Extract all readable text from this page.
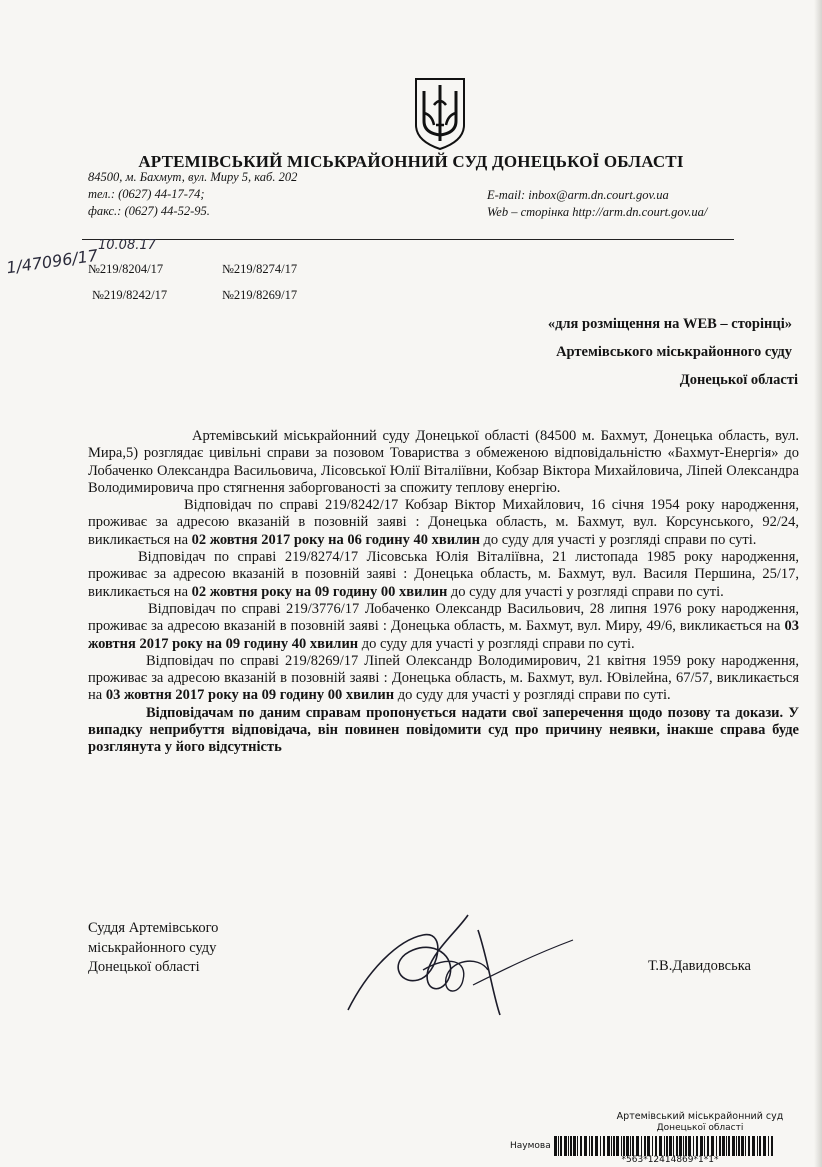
АРТЕМІВСЬКИЙ МІСЬКРАЙОННИЙ СУД ДОНЕЦЬКОЇ ОБЛАСТІ
84500, м. Бахмут, вул. Миру 5, каб. 202
тел.: (0627) 44-17-74;
факс.: (0627) 44-52-95.
E-mail: inbox@arm.dn.court.gov.ua
Web – сторінка http://arm.dn.court.gov.ua/
1/47096/17
10.08.17
№219/8204/17	№219/8274/17
№219/8242/17	№219/8269/17
«для розміщення на WEB – сторінці»
Артемівського міськрайонного суду
Донецької області

Артемівський міськрайонний суду Донецької області (84500 м. Бахмут, Донецька область, вул. Мира,5) розглядає цивільні справи за позовом Товариства з обмеженою відповідальністю «Бахмут-Енергія» до Лобаченко Олександра Васильовича, Лісовської Юлії Віталіївни, Кобзар Віктора Михайловича, Ліпей Олександра Володимировича про стягнення заборгованості за спожиту теплову енергію.

Відповідач по справі 219/8242/17 Кобзар Віктор Михайлович, 16 січня 1954 року народження, проживає за адресою вказаній в позовній заяві : Донецька область, м. Бахмут, вул. Корсунського, 92/24, викликається на 02 жовтня 2017 року на 06 годину 40 хвилин до суду для участі у розгляді справи по суті.

Відповідач по справі 219/8274/17 Лісовська Юлія Віталіївна, 21 листопада 1985 року народження, проживає за адресою вказаній в позовній заяві : Донецька область, м. Бахмут, вул. Василя Першина, 25/17, викликається на 02 жовтня року на 09 годину 00 хвилин до суду для участі у розгляді справи по суті.

Відповідач по справі 219/3776/17 Лобаченко Олександр Васильович, 28 липня 1976 року народження, проживає за адресою вказаній в позовній заяві : Донецька область, м. Бахмут, вул. Миру, 49/6, викликається на 03 жовтня 2017 року на 09 годину 40 хвилин до суду для участі у розгляді справи по суті.

Відповідач по справі 219/8269/17 Ліпей Олександр Володимирович, 21 квітня 1959 року народження, проживає за адресою вказаній в позовній заяві : Донецька область, м. Бахмут, вул. Ювілейна, 67/57, викликається на 03 жовтня 2017 року на 09 годину 00 хвилин до суду для участі у розгляді справи по суті.

Відповідачам по даним справам пропонується надати свої заперечення щодо позову та докази. У випадку неприбуття відповідача, він повинен повідомити суд про причину неявки, інакше справа буде розглянута у його відсутність

Суддя Артемівського
міськрайонного суду
Донецької області	Т.В.Давидовська
Артемівський міськрайонний суд
Донецької області
Наумова
*563*12414869*1*1*
